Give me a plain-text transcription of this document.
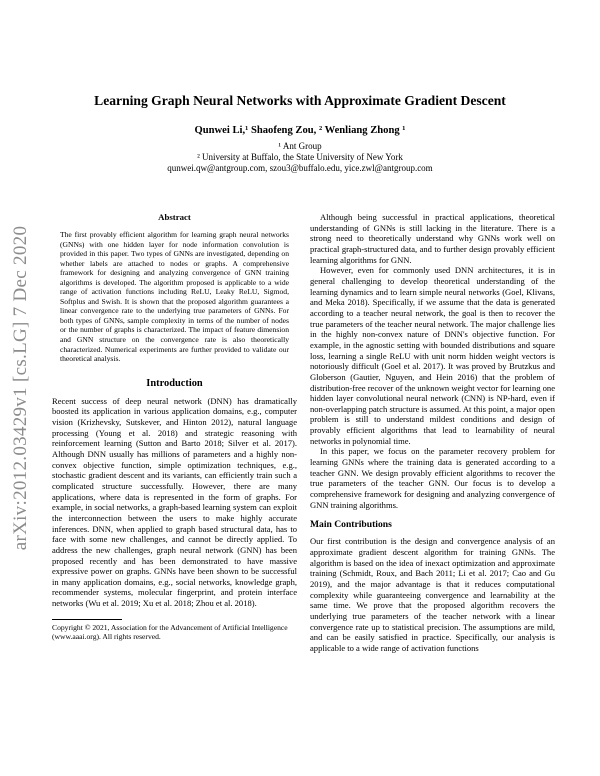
arXiv:2012.03429v1 [cs.LG] 7 Dec 2020
Learning Graph Neural Networks with Approximate Gradient Descent
Qunwei Li,¹ Shaofeng Zou, ² Wenliang Zhong ¹
¹ Ant Group
² University at Buffalo, the State University of New York
qunwei.qw@antgroup.com, szou3@buffalo.edu, yice.zwl@antgroup.com
Abstract

The first provably efficient algorithm for learning graph neural networks (GNNs) with one hidden layer for node information convolution is provided in this paper. Two types of GNNs are investigated, depending on whether labels are attached to nodes or graphs. A comprehensive framework for designing and analyzing convergence of GNN training algorithms is developed. The algorithm proposed is applicable to a wide range of activation functions including ReLU, Leaky ReLU, Sigmod, Softplus and Swish. It is shown that the proposed algorithm guarantees a linear convergence rate to the underlying true parameters of GNNs. For both types of GNNs, sample complexity in terms of the number of nodes or the number of graphs is characterized. The impact of feature dimension and GNN structure on the convergence rate is also theoretically characterized. Numerical experiments are further provided to validate our theoretical analysis.

Introduction

Recent success of deep neural network (DNN) has dramatically boosted its application in various application domains, e.g., computer vision (Krizhevsky, Sutskever, and Hinton 2012), natural language processing (Young et al. 2018) and strategic reasoning with reinforcement learning (Sutton and Barto 2018; Silver et al. 2017). Although DNN usually has millions of parameters and a highly non-convex objective function, simple optimization techniques, e.g., stochastic gradient descent and its variants, can efficiently train such a complicated structure successfully. However, there are many applications, where data is represented in the form of graphs. For example, in social networks, a graph-based learning system can exploit the interconnection between the users to make highly accurate inferences. DNN, when applied to graph based structural data, has to face with some new challenges, and cannot be directly applied. To address the new challenges, graph neural network (GNN) has been proposed recently and has been demonstrated to have massive expressive power on graphs. GNNs have been shown to be successful in many application domains, e.g., social networks, knowledge graph, recommender systems, molecular fingerprint, and protein interface networks (Wu et al. 2019; Xu et al. 2018; Zhou et al. 2018).

Copyright © 2021, Association for the Advancement of Artificial Intelligence (www.aaai.org). All rights reserved.

Although being successful in practical applications, theoretical understanding of GNNs is still lacking in the literature. There is a strong need to theoretically understand why GNNs work well on practical graph-structured data, and to further design provably efficient learning algorithms for GNN.

However, even for commonly used DNN architectures, it is in general challenging to develop theoretical understanding of the learning dynamics and to learn simple neural networks (Goel, Klivans, and Meka 2018). Specifically, if we assume that the data is generated according to a teacher neural network, the goal is then to recover the true parameters of the teacher neural network. The major challenge lies in the highly non-convex nature of DNN's objective function. For example, in the agnostic setting with bounded distributions and square loss, learning a single ReLU with unit norm hidden weight vectors is notoriously difficult (Goel et al. 2017). It was proved by Brutzkus and Globerson (Gautier, Nguyen, and Hein 2016) that the problem of distribution-free recover of the unknown weight vector for learning one hidden layer convolutional neural network (CNN) is NP-hard, even if non-overlapping patch structure is assumed. At this point, a major open problem is still to understand mildest conditions and design of provably efficient algorithms that lead to learnability of neural networks in polynomial time.

In this paper, we focus on the parameter recovery problem for learning GNNs where the training data is generated according to a teacher GNN. We design provably efficient algorithms to recover the true parameters of the teacher GNN. Our focus is to develop a comprehensive framework for designing and analyzing convergence of GNN training algorithms.

Main Contributions

Our first contribution is the design and convergence analysis of an approximate gradient descent algorithm for training GNNs. The algorithm is based on the idea of inexact optimization and approximate training (Schmidt, Roux, and Bach 2011; Li et al. 2017; Cao and Gu 2019), and the major advantage is that it reduces computational complexity while guaranteeing convergence and learnability at the same time. We prove that the proposed algorithm recovers the underlying true parameters of the teacher network with a linear convergence rate up to statistical precision. The assumptions are mild, and can be easily satisfied in practice. Specifically, our analysis is applicable to a wide range of activation functions
